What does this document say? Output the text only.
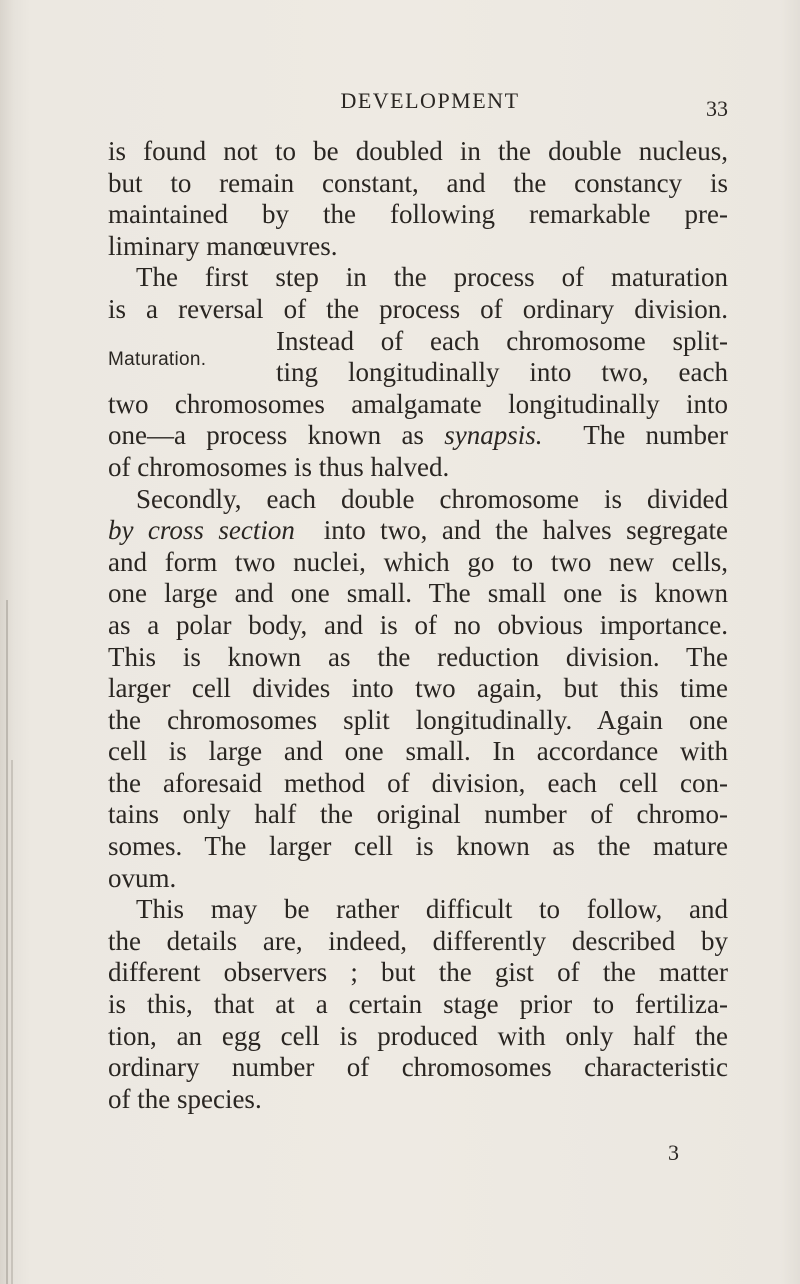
DEVELOPMENT	33
Maturation.
is found not to be doubled in the double nucleus,
but to remain constant, and the constancy is
maintained by the following remarkable pre-
liminary manœuvres.
The first step in the process of maturation
is a reversal of the process of ordinary division.
Instead of each chromosome split-
ting longitudinally into two, each
two chromosomes amalgamate longitudinally into
one—a process known as synapsis. The number
of chromosomes is thus halved.
Secondly, each double chromosome is divided
by cross section into two, and the halves segregate
and form two nuclei, which go to two new cells,
one large and one small. The small one is known
as a polar body, and is of no obvious importance.
This is known as the reduction division. The
larger cell divides into two again, but this time
the chromosomes split longitudinally. Again one
cell is large and one small. In accordance with
the aforesaid method of division, each cell con-
tains only half the original number of chromo-
somes. The larger cell is known as the mature
ovum.
This may be rather difficult to follow, and
the details are, indeed, differently described by
different observers ; but the gist of the matter
is this, that at a certain stage prior to fertiliza-
tion, an egg cell is produced with only half the
ordinary number of chromosomes characteristic
of the species.
3
